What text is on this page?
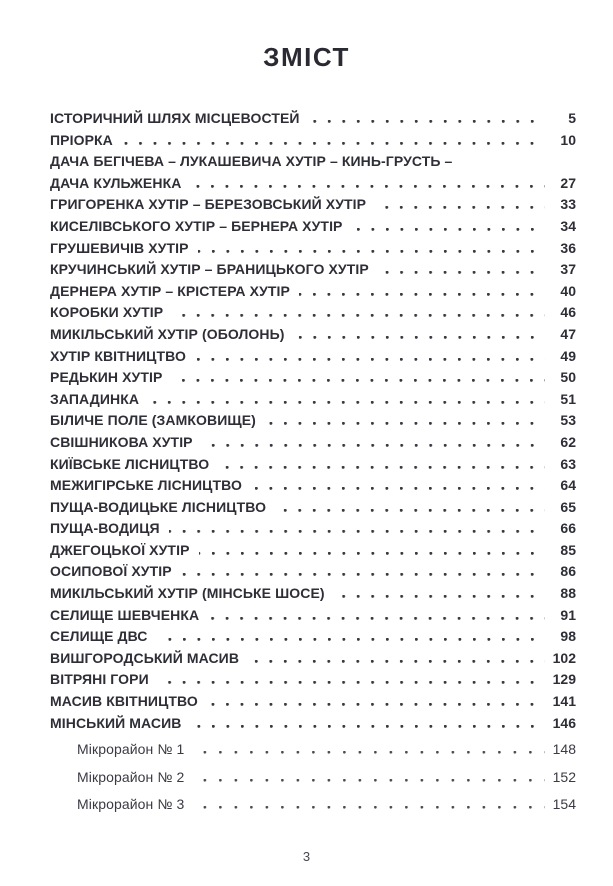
ЗМІСТ
ІСТОРИЧНИЙ ШЛЯХ МІСЦЕВОСТЕЙ	5
ПРІОРКА	10
ДАЧА БЕГІЧЕВА – ЛУКАШЕВИЧА ХУТІР – КИНЬ-ГРУСТЬ –
ДАЧА КУЛЬЖЕНКА	27
ГРИГОРЕНКА ХУТІР – БЕРЕЗОВСЬКИЙ ХУТІР	33
КИСЕЛІВСЬКОГО ХУТІР – БЕРНЕРА ХУТІР	34
ГРУШЕВИЧІВ ХУТІР	36
КРУЧИНСЬКИЙ ХУТІР – БРАНИЦЬКОГО ХУТІР	37
ДЕРНЕРА ХУТІР – КРІСТЕРА ХУТІР	40
КОРОБКИ ХУТІР	46
МИКІЛЬСЬКИЙ ХУТІР (ОБОЛОНЬ)	47
ХУТІР КВІТНИЦТВО	49
РЕДЬКИН ХУТІР	50
ЗАПАДИНКА	51
БІЛИЧЕ ПОЛЕ (ЗАМКОВИЩЕ)	53
СВІШНИКОВА ХУТІР	62
КИЇВСЬКЕ ЛІСНИЦТВО	63
МЕЖИГІРСЬКЕ ЛІСНИЦТВО	64
ПУЩА-ВОДИЦЬКЕ ЛІСНИЦТВО	65
ПУЩА-ВОДИЦЯ	66
ДЖЕГОЦЬКОЇ ХУТІР	85
ОСИПОВОЇ ХУТІР	86
МИКІЛЬСЬКИЙ ХУТІР (МІНСЬКЕ ШОСЕ)	88
СЕЛИЩЕ ШЕВЧЕНКА	91
СЕЛИЩЕ ДВС	98
ВИШГОРОДСЬКИЙ МАСИВ	102
ВІТРЯНІ ГОРИ	129
МАСИВ КВІТНИЦТВО	141
МІНСЬКИЙ МАСИВ	146
Мікрорайон № 1	148
Мікрорайон № 2	152
Мікрорайон № 3	154
3
